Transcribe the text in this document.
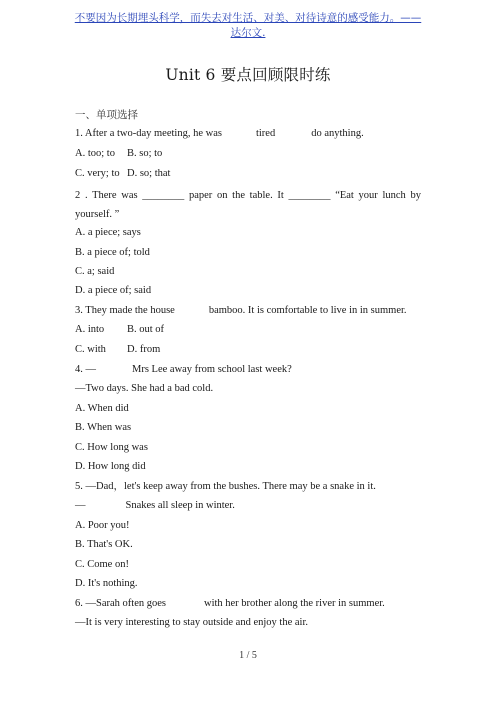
不要因为长期埋头科学，而失去对生活、对美、对待诗意的感受能力。——达尔文.
Unit 6 要点回顾限时练
一、单项选择
1. After a two-day meeting, he was	tired	do anything.
A. too; to B. so; to
C. very; to D. so; that
2 . There was ________ paper on the table. It ________ “Eat your lunch by yourself. ”
A. a piece; says
B. a piece of; told
C. a; said
D. a piece of; said
3. They made the house	bamboo. It is comfortable to live in in summer.
A. into B. out of
C. with D. from
4. —	Mrs Lee away from school last week?
—Two days. She had a bad cold.
A. When did
B. When was
C. How long was
D. How long did
5. —Dad，let's keep away from the bushes. There may be a snake in it.
—	Snakes all sleep in winter.
A. Poor you!
B. That's OK.
C. Come on!
D. It's nothing.
6. —Sarah often goes	with her brother along the river in summer.
—It is very interesting to stay outside and enjoy the air.
1 / 5
